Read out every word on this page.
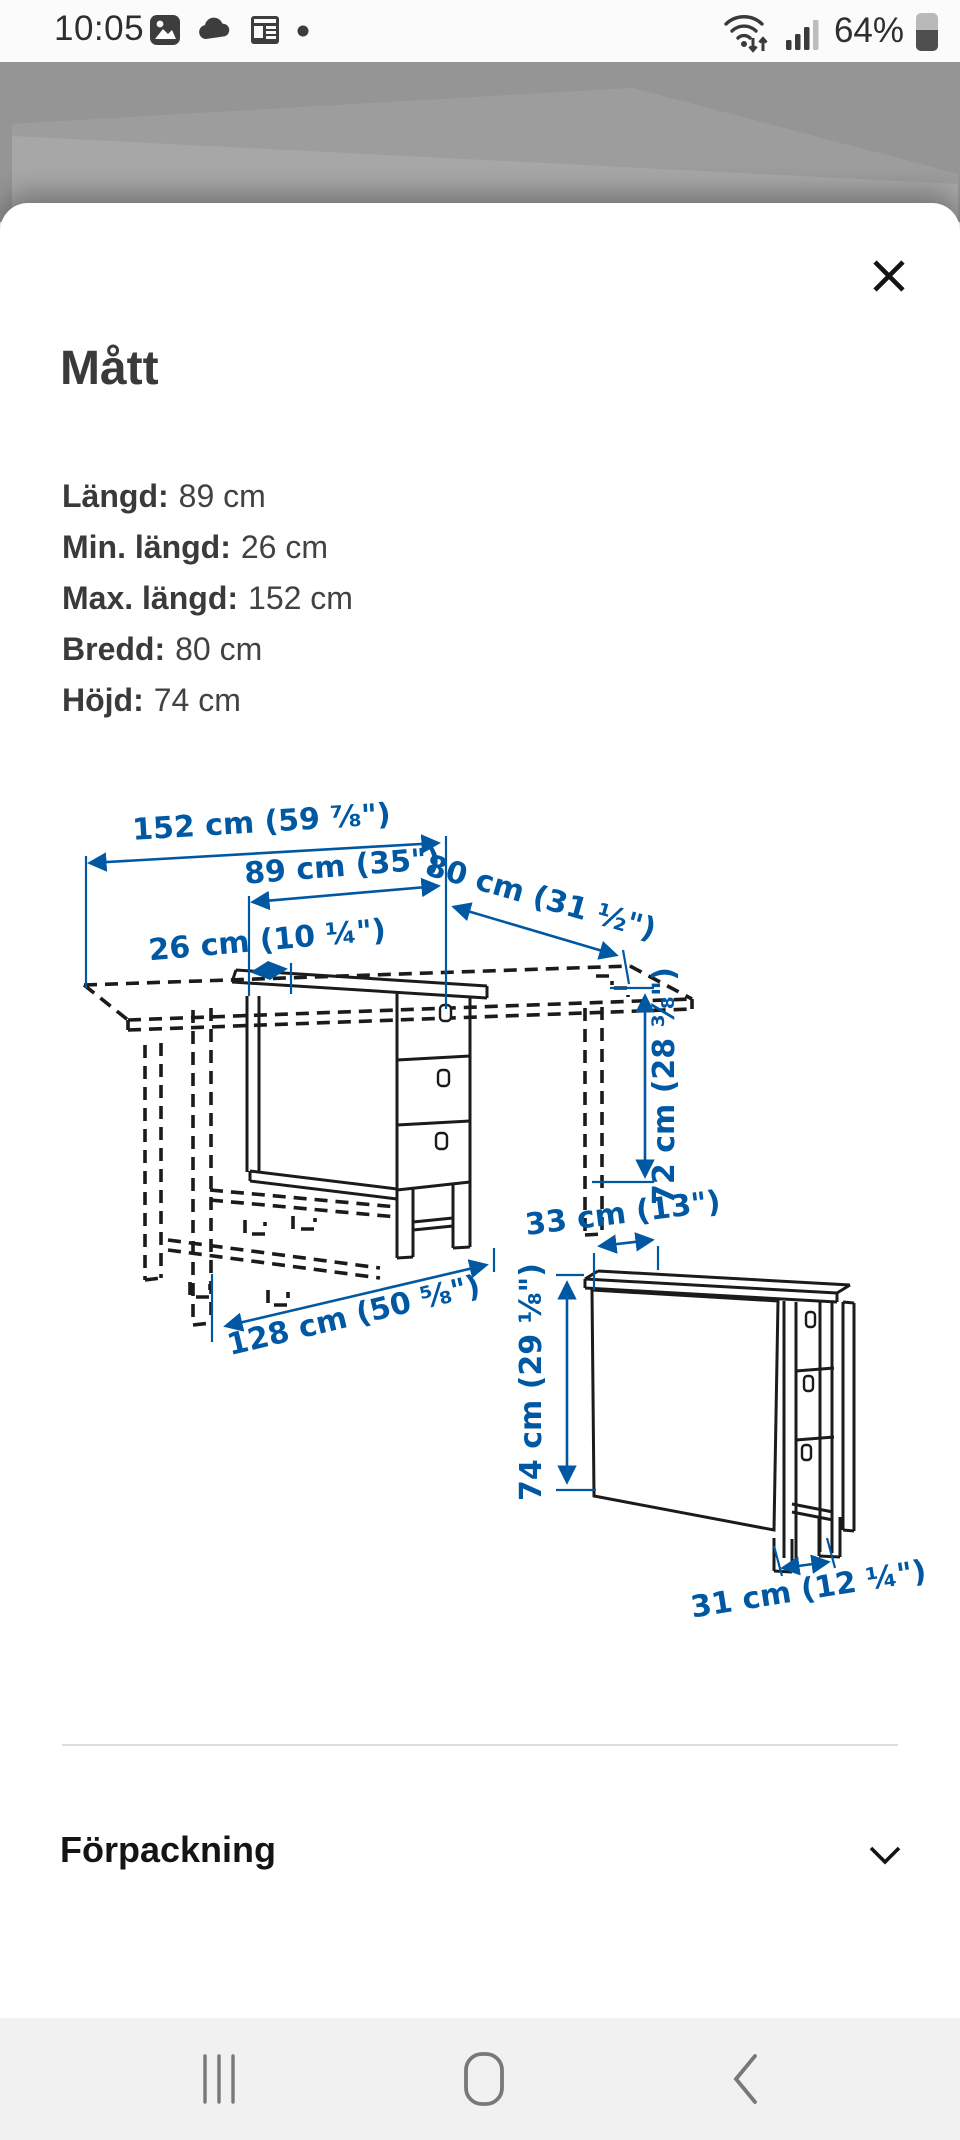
10:05	64%
Mått
Längd: 89 cm
Min. längd: 26 cm
Max. längd: 152 cm
Bredd: 80 cm
Höjd: 74 cm
152 cm (59 ⅞")
89 cm (35")
80 cm (31 ½")
26 cm (10 ¼")
72 cm (28 ⅜")
128 cm (50 ⅝")
33 cm (13")
74 cm (29 ⅛")
31 cm (12 ¼")
Förpackning
